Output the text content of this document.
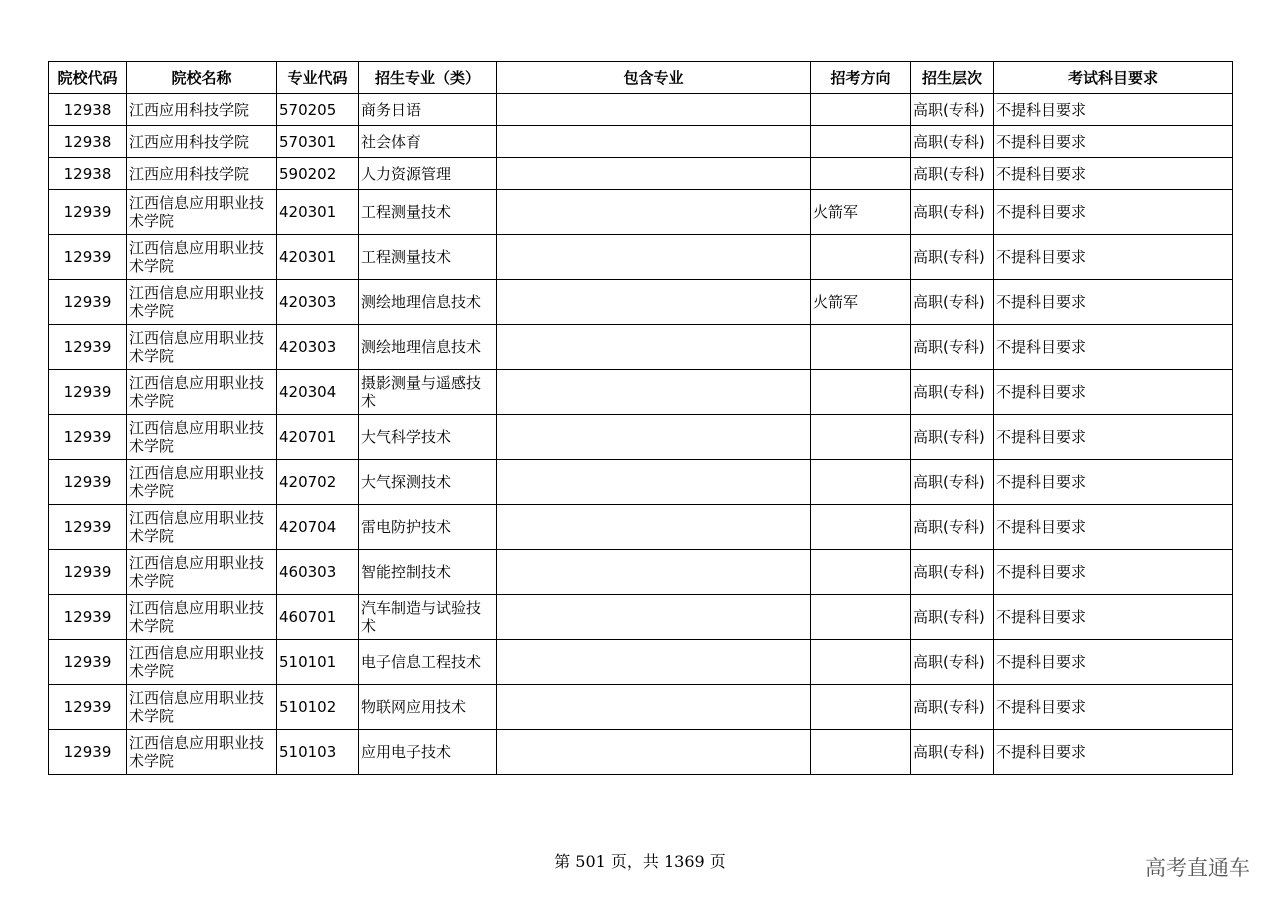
院校代码	院校名称	专业代码	招生专业（类）	包含专业	招考方向	招生层次	考试科目要求
12938	江西应用科技学院	570205	商务日语			高职(专科)	不提科目要求
12938	江西应用科技学院	570301	社会体育			高职(专科)	不提科目要求
12938	江西应用科技学院	590202	人力资源管理			高职(专科)	不提科目要求
12939	江西信息应用职业技术学院	420301	工程测量技术		火箭军	高职(专科)	不提科目要求
12939	江西信息应用职业技术学院	420301	工程测量技术			高职(专科)	不提科目要求
12939	江西信息应用职业技术学院	420303	测绘地理信息技术		火箭军	高职(专科)	不提科目要求
12939	江西信息应用职业技术学院	420303	测绘地理信息技术			高职(专科)	不提科目要求
12939	江西信息应用职业技术学院	420304	摄影测量与遥感技术			高职(专科)	不提科目要求
12939	江西信息应用职业技术学院	420701	大气科学技术			高职(专科)	不提科目要求
12939	江西信息应用职业技术学院	420702	大气探测技术			高职(专科)	不提科目要求
12939	江西信息应用职业技术学院	420704	雷电防护技术			高职(专科)	不提科目要求
12939	江西信息应用职业技术学院	460303	智能控制技术			高职(专科)	不提科目要求
12939	江西信息应用职业技术学院	460701	汽车制造与试验技术			高职(专科)	不提科目要求
12939	江西信息应用职业技术学院	510101	电子信息工程技术			高职(专科)	不提科目要求
12939	江西信息应用职业技术学院	510102	物联网应用技术			高职(专科)	不提科目要求
12939	江西信息应用职业技术学院	510103	应用电子技术			高职(专科)	不提科目要求
第 501 页，共 1369 页	高考直通车
